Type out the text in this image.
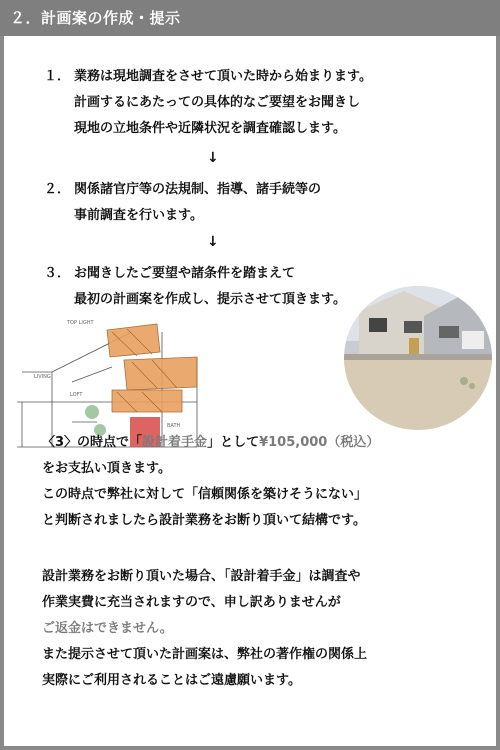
２．計画案の作成・提示
１． 業務は現地調査をさせて頂いた時から始まります。
計画するにあたっての具体的なご要望をお聞きし
現地の立地条件や近隣状況を調査確認します。
↓
２． 関係諸官庁等の法規制、指導、諸手続等の
事前調査を行います。
↓
３． お聞きしたご要望や諸条件を踏まえて
最初の計画案を作成し、提示させて頂きます。
TOP LIGHT
LIVING
LOFT
BATH
〈3〉の時点で「設計着手金」として¥105,000（税込）
をお支払い頂きます。
この時点で弊社に対して「信頼関係を築けそうにない」
と判断されましたら設計業務をお断り頂いて結構です。
設計業務をお断り頂いた場合、「設計着手金」は調査や
作業実費に充当されますので、申し訳ありませんが
ご返金はできません。
また提示させて頂いた計画案は、弊社の著作権の関係上
実際にご利用されることはご遠慮願います。
